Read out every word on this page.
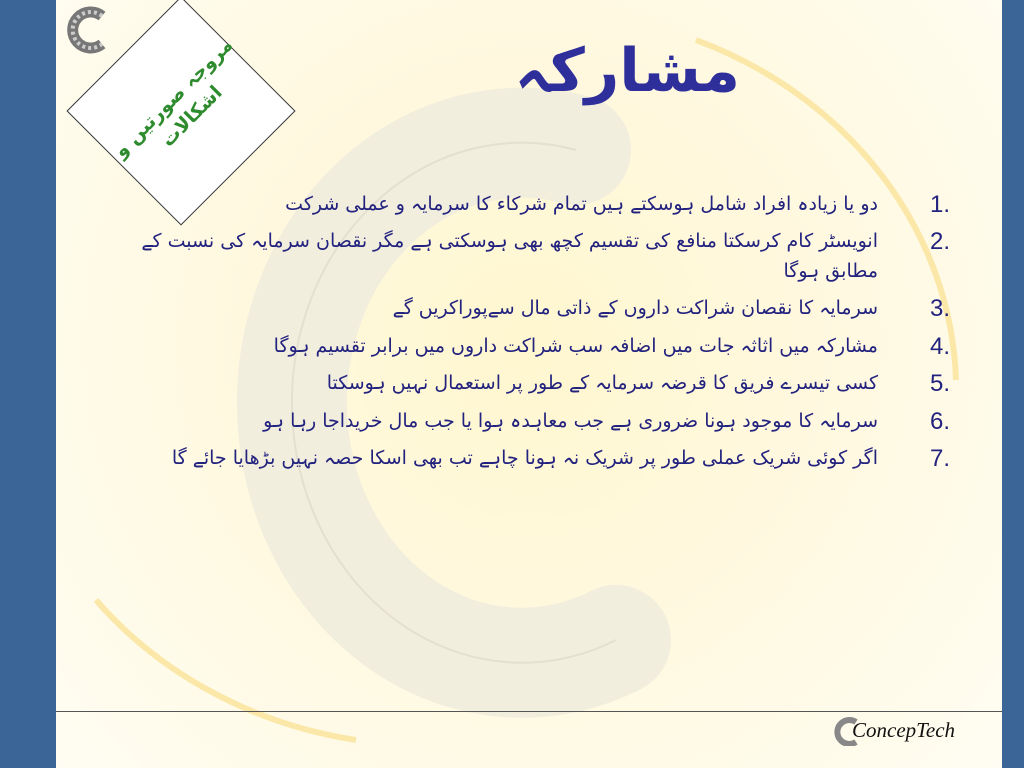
مروجہ صورتیں و اشکالات
مشارکہ
دو یا زیادہ افراد شامل ہوسکتے ہیں تمام شرکاء کا سرمایہ و عملی شرکت 1.
انویسٹر کام کرسکتا منافع کی تقسیم کچھ بھی ہوسکتی ہے مگر نقصان سرمایہ کی نسبت کے مطابق ہوگا
2.
سرمایہ کا نقصان شراکت داروں کے ذاتی مال سےپوراکریں گے 3.
مشارکہ میں اثاثہ جات میں اضافہ سب شراکت داروں میں برابر تقسیم ہوگا 4.
کسی تیسرے فریق کا قرضہ سرمایہ کے طور پر استعمال نہیں ہوسکتا 5.
سرمایہ کا موجود ہونا ضروری ہے جب معاہدہ ہوا یا جب مال خریداجا رہا ہو 6.
اگر کوئی شریک عملی طور پر شریک نہ ہونا چاہے تب بھی اسکا حصہ نہیں بڑھایا جائے گا 7.
ConcepTech
